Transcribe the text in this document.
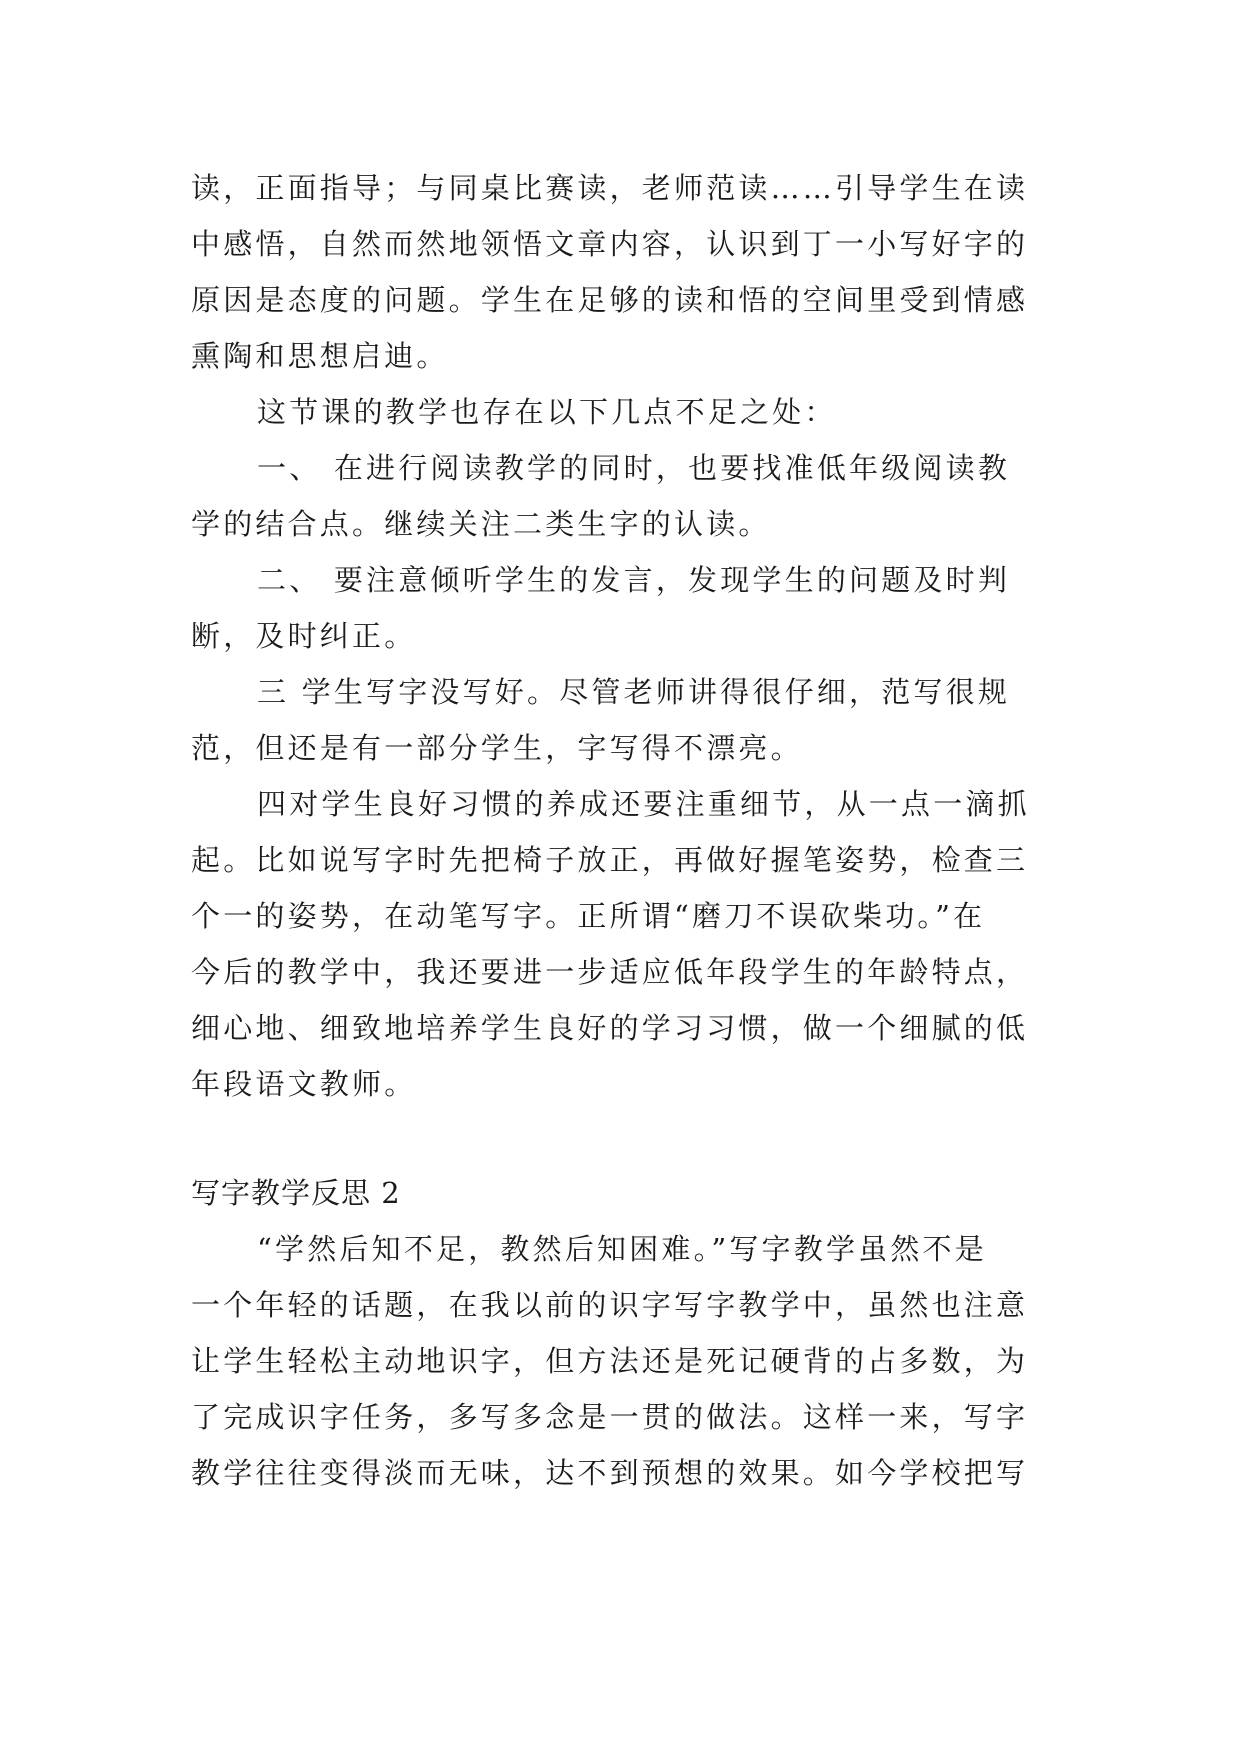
读，正面指导；与同桌比赛读，老师范读……引导学生在读
中感悟，自然而然地领悟文章内容，认识到丁一小写好字的
原因是态度的问题。学生在足够的读和悟的空间里受到情感
熏陶和思想启迪。
这节课的教学也存在以下几点不足之处：
一、 在进行阅读教学的同时，也要找准低年级阅读教
学的结合点。继续关注二类生字的认读。
二、 要注意倾听学生的发言，发现学生的问题及时判
断，及时纠正。
三 学生写字没写好。尽管老师讲得很仔细，范写很规
范，但还是有一部分学生，字写得不漂亮。
四对学生良好习惯的养成还要注重细节，从一点一滴抓
起。比如说写字时先把椅子放正，再做好握笔姿势，检查三
个一的姿势，在动笔写字。正所谓“磨刀不误砍柴功。”在
今后的教学中，我还要进一步适应低年段学生的年龄特点，
细心地、细致地培养学生良好的学习习惯，做一个细腻的低
年段语文教师。
写字教学反思 2
“学然后知不足，教然后知困难。”写字教学虽然不是
一个年轻的话题，在我以前的识字写字教学中，虽然也注意
让学生轻松主动地识字，但方法还是死记硬背的占多数，为
了完成识字任务，多写多念是一贯的做法。这样一来，写字
教学往往变得淡而无味，达不到预想的效果。如今学校把写
